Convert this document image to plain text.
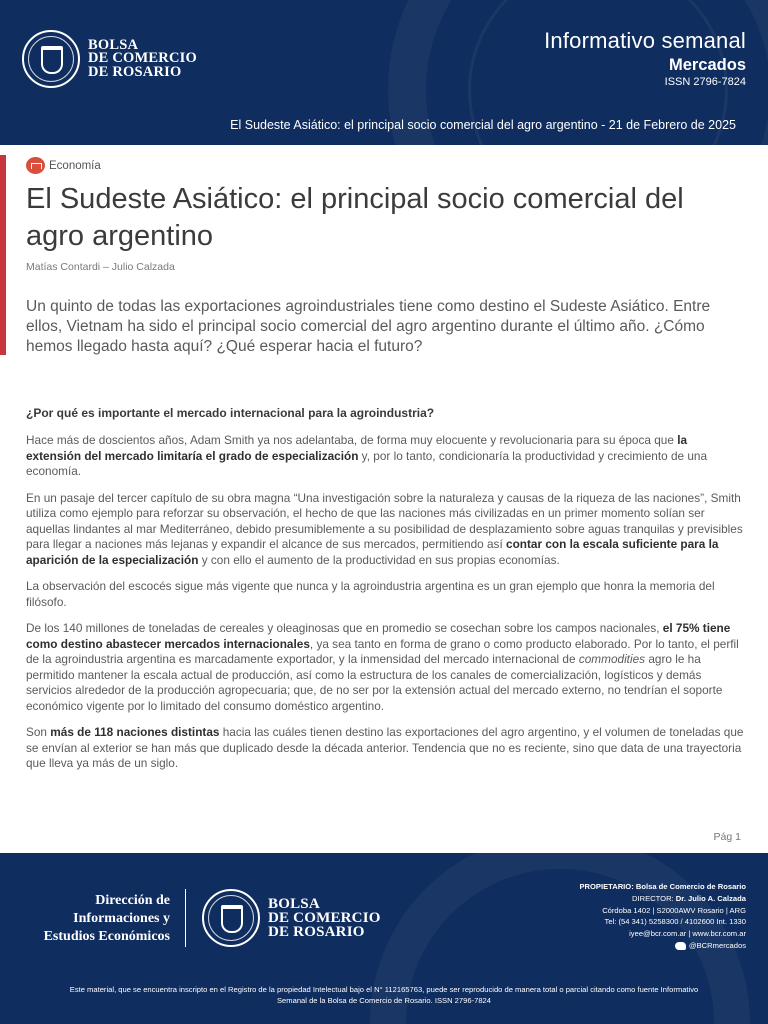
BOLSA
DE COMERCIO
DE ROSARIO
Informativo semanal
Mercados
ISSN 2796-7824
El Sudeste Asiático: el principal socio comercial del agro argentino - 21 de Febrero de 2025
Economía
El Sudeste Asiático: el principal socio comercial del agro argentino
Matías Contardi – Julio Calzada

Un quinto de todas las exportaciones agroindustriales tiene como destino el Sudeste Asiático. Entre ellos, Vietnam ha sido el principal socio comercial del agro argentino durante el último año. ¿Cómo hemos llegado hasta aquí? ¿Qué esperar hacia el futuro?

¿Por qué es importante el mercado internacional para la agroindustria?

Hace más de doscientos años, Adam Smith ya nos adelantaba, de forma muy elocuente y revolucionaria para su época que la extensión del mercado limitaría el grado de especialización y, por lo tanto, condicionaría la productividad y crecimiento de una economía.

En un pasaje del tercer capítulo de su obra magna “Una investigación sobre la naturaleza y causas de la riqueza de las naciones”, Smith utiliza como ejemplo para reforzar su observación, el hecho de que las naciones más civilizadas en un primer momento solían ser aquellas lindantes al mar Mediterráneo, debido presumiblemente a su posibilidad de desplazamiento sobre aguas tranquilas y previsibles para llegar a naciones más lejanas y expandir el alcance de sus mercados, permitiendo así contar con la escala suficiente para la aparición de la especialización y con ello el aumento de la productividad en sus propias economías.

La observación del escocés sigue más vigente que nunca y la agroindustria argentina es un gran ejemplo que honra la memoria del filósofo.

De los 140 millones de toneladas de cereales y oleaginosas que en promedio se cosechan sobre los campos nacionales, el 75% tiene como destino abastecer mercados internacionales, ya sea tanto en forma de grano o como producto elaborado. Por lo tanto, el perfil de la agroindustria argentina es marcadamente exportador, y la inmensidad del mercado internacional de commodities agro le ha permitido mantener la escala actual de producción, así como la estructura de los canales de comercialización, logísticos y demás servicios alrededor de la producción agropecuaria; que, de no ser por la extensión actual del mercado externo, no tendrían el soporte económico vigente por lo limitado del consumo doméstico argentino.

Son más de 118 naciones distintas hacia las cuáles tienen destino las exportaciones del agro argentino, y el volumen de toneladas que se envían al exterior se han más que duplicado desde la década anterior. Tendencia que no es reciente, sino que data de una trayectoria que lleva ya más de un siglo.

Pág 1
Dirección de
Informaciones y
Estudios Económicos
BOLSA
DE COMERCIO
DE ROSARIO
PROPIETARIO: Bolsa de Comercio de Rosario
DIRECTOR: Dr. Julio A. Calzada
Córdoba 1402 | S2000AWV Rosario | ARG
Tel: (54 341) 5258300 / 4102600 Int. 1330
iyee@bcr.com.ar | www.bcr.com.ar
@BCRmercados
Este material, que se encuentra inscripto en el Registro de la propiedad Intelectual bajo el N° 112165763, puede ser reproducido de manera total o parcial citando como fuente Informativo
Semanal de la Bolsa de Comercio de Rosario. ISSN 2796-7824
